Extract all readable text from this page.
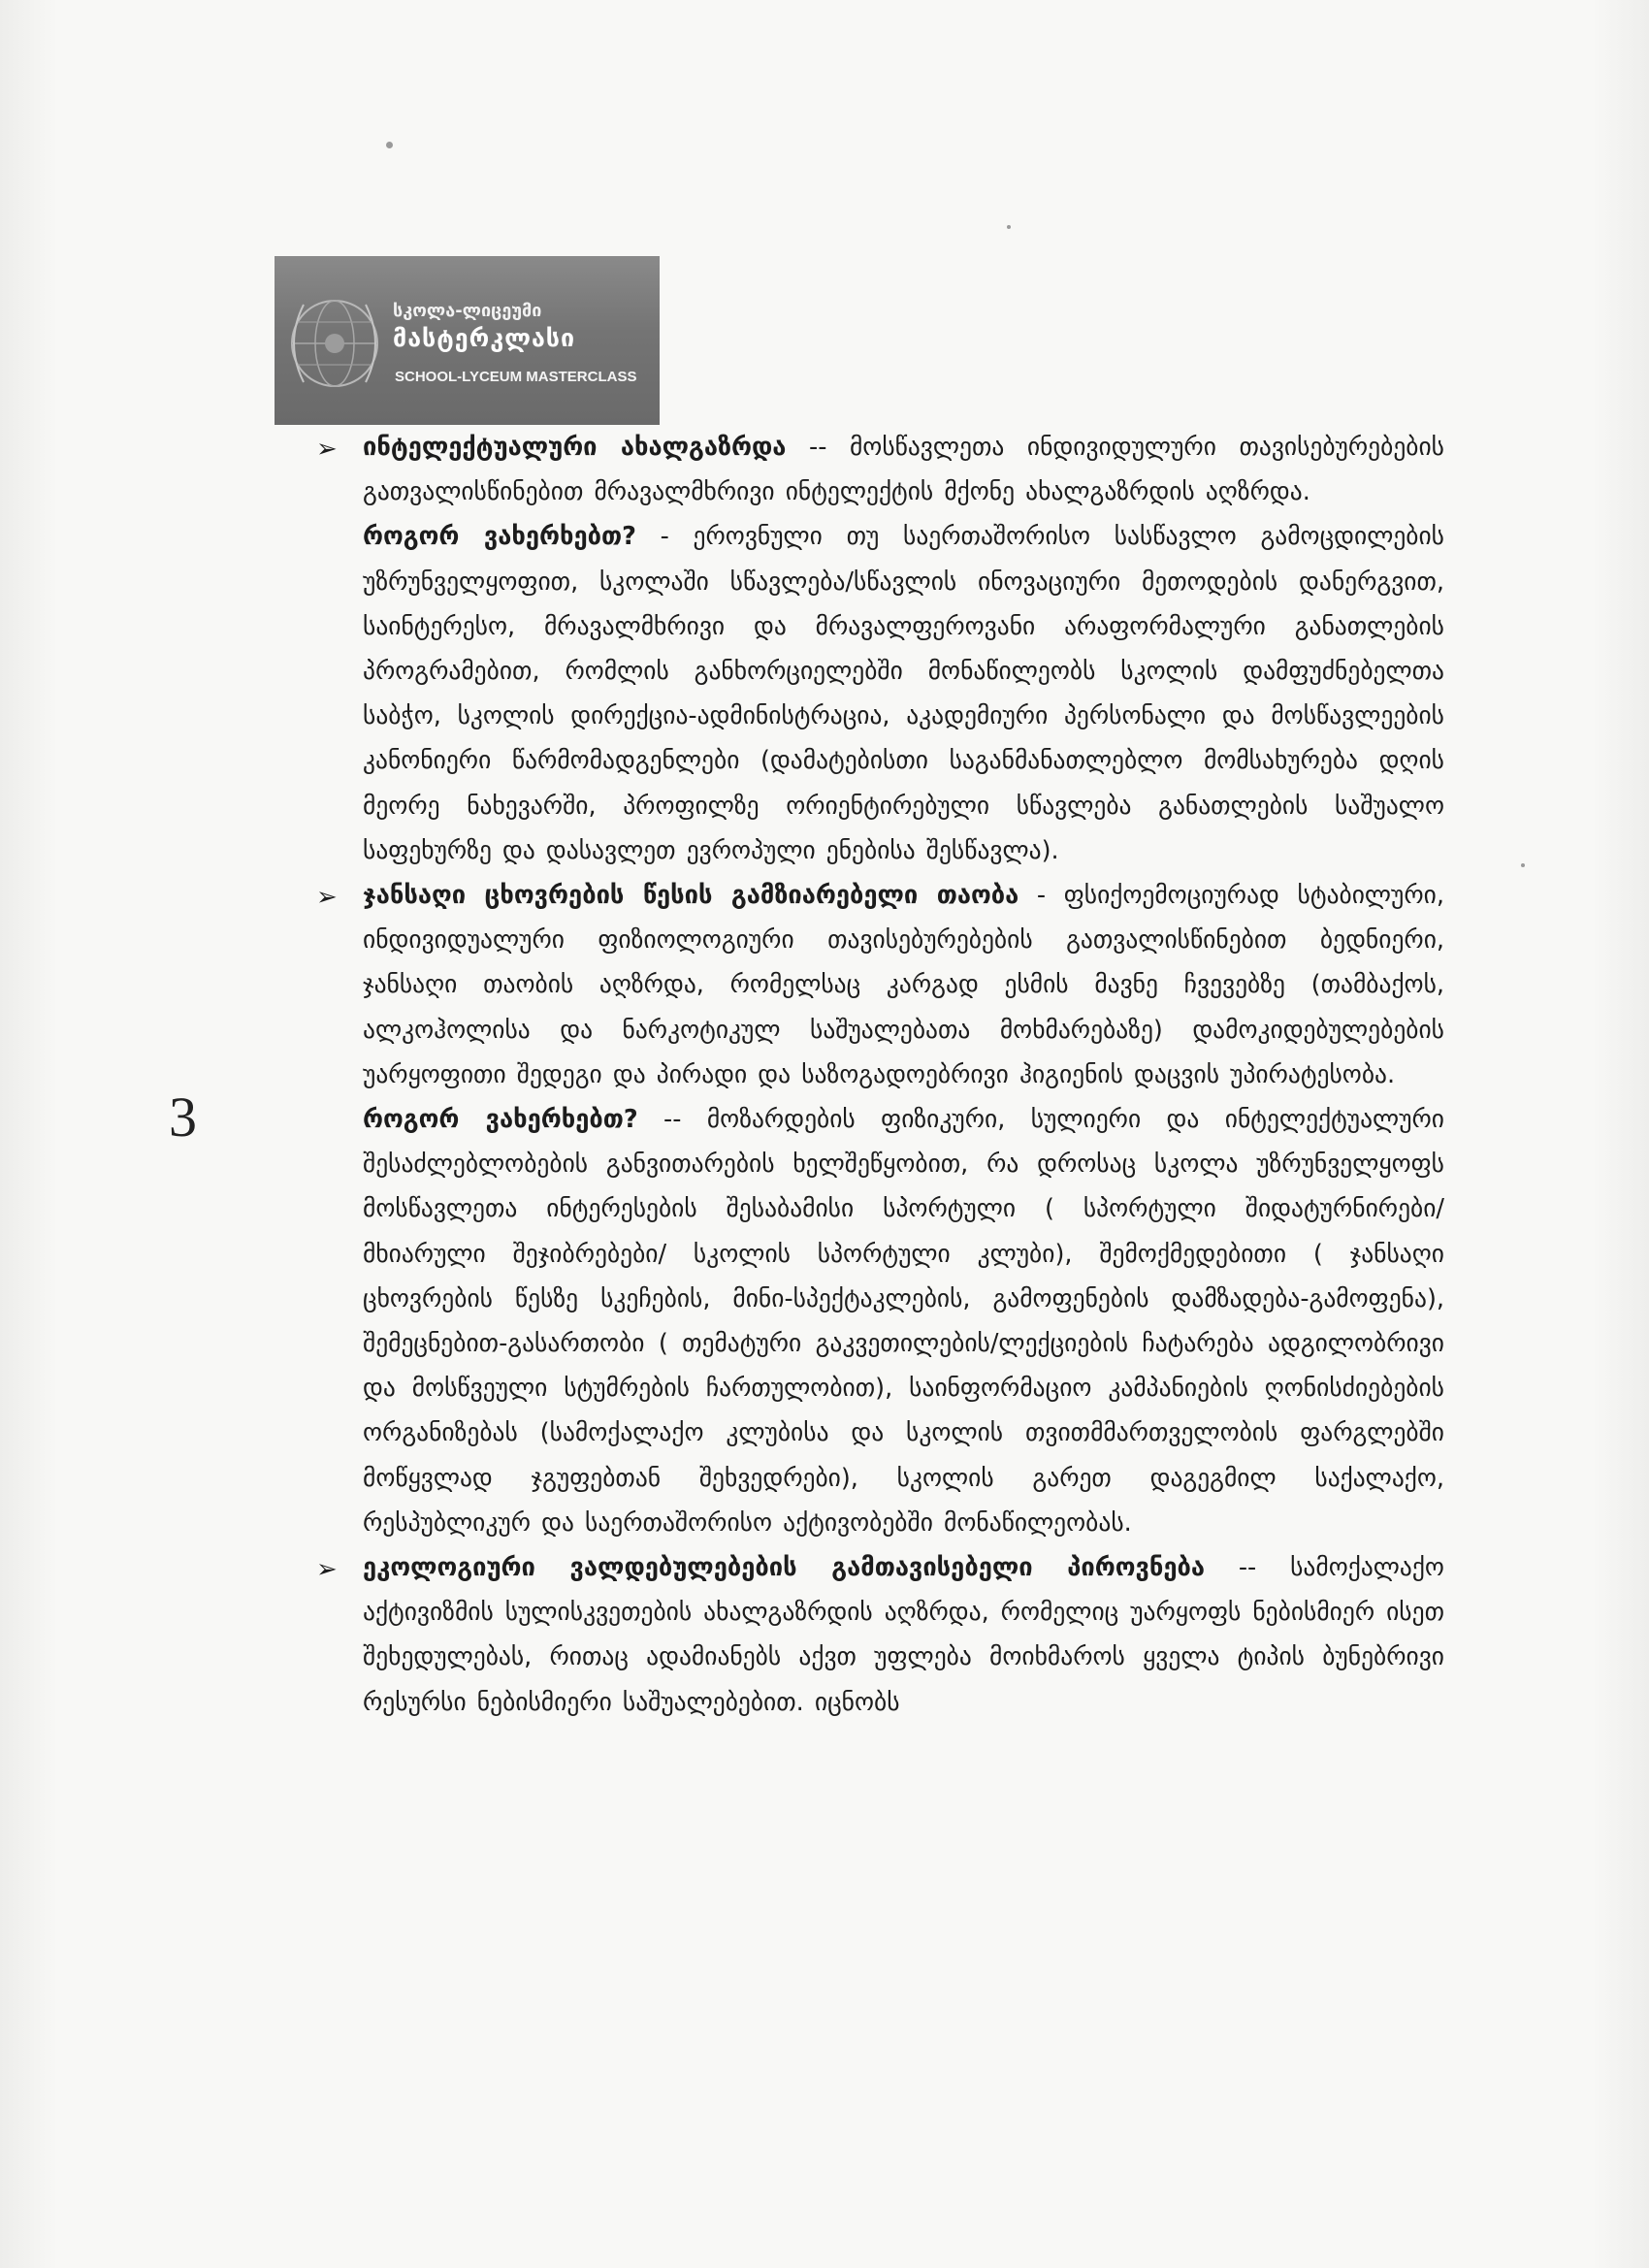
სკოლა-ლიცეუმი
მასტერკლასი
SCHOOL-LYCEUM MASTERCLASS
3

➢ ინტელექტუალური ახალგაზრდა -- მოსწავლეთა ინდივიდულური თავისებურებების გათვალისწინებით მრავალმხრივი ინტელექტის მქონე ახალგაზრდის აღზრდა.

როგორ ვახერხებთ? - ეროვნული თუ საერთაშორისო სასწავლო გამოცდილების უზრუნველყოფით, სკოლაში სწავლება/სწავლის ინოვაციური მეთოდების დანერგვით, საინტერესო, მრავალმხრივი და მრავალფეროვანი არაფორმალური განათლების პროგრამებით, რომლის განხორციელებში მონაწილეობს სკოლის დამფუძნებელთა საბჭო, სკოლის დირექცია-ადმინისტრაცია, აკადემიური პერსონალი და მოსწავლეების კანონიერი წარმომადგენლები (დამატებისთი საგანმანათლებლო მომსახურება დღის მეორე ნახევარში, პროფილზე ორიენტირებული სწავლება განათლების საშუალო საფეხურზე და დასავლეთ ევროპული ენებისა შესწავლა).

➢ ჯანსაღი ცხოვრების წესის გამზიარებელი თაობა - ფსიქოემოციურად სტაბილური, ინდივიდუალური ფიზიოლოგიური თავისებურებების გათვალისწინებით ბედნიერი, ჯანსაღი თაობის აღზრდა, რომელსაც კარგად ესმის მავნე ჩვევებზე (თამბაქოს, ალკოჰოლისა და ნარკოტიკულ საშუალებათა მოხმარებაზე) დამოკიდებულებების უარყოფითი შედეგი და პირადი და საზოგადოებრივი ჰიგიენის დაცვის უპირატესობა.

როგორ ვახერხებთ? -- მოზარდების ფიზიკური, სულიერი და ინტელექტუალური შესაძლებლობების განვითარების ხელშეწყობით, რა დროსაც სკოლა უზრუნველყოფს მოსწავლეთა ინტერესების შესაბამისი სპორტული ( სპორტული შიდატურნირები/ მხიარული შეჯიბრებები/ სკოლის სპორტული კლუბი), შემოქმედებითი ( ჯანსაღი ცხოვრების წესზე სკეჩების, მინი-სპექტაკლების, გამოფენების დამზადება-გამოფენა), შემეცნებით-გასართობი ( თემატური გაკვეთილების/ლექციების ჩატარება ადგილობრივი და მოსწვეული სტუმრების ჩართულობით), საინფორმაციო კამპანიების ღონისძიებების ორგანიზებას (სამოქალაქო კლუბისა და სკოლის თვითმმართველობის ფარგლებში მოწყვლად ჯგუფებთან შეხვედრები), სკოლის გარეთ დაგეგმილ საქალაქო, რესპუბლიკურ და საერთაშორისო აქტივობებში მონაწილეობას.

➢ ეკოლოგიური ვალდებულებების გამთავისებელი პიროვნება -- სამოქალაქო აქტივიზმის სულისკვეთების ახალგაზრდის აღზრდა, რომელიც უარყოფს ნებისმიერ ისეთ შეხედულებას, რითაც ადამიანებს აქვთ უფლება მოიხმაროს ყველა ტიპის ბუნებრივი რესურსი ნებისმიერი საშუალებებით. იცნობს
